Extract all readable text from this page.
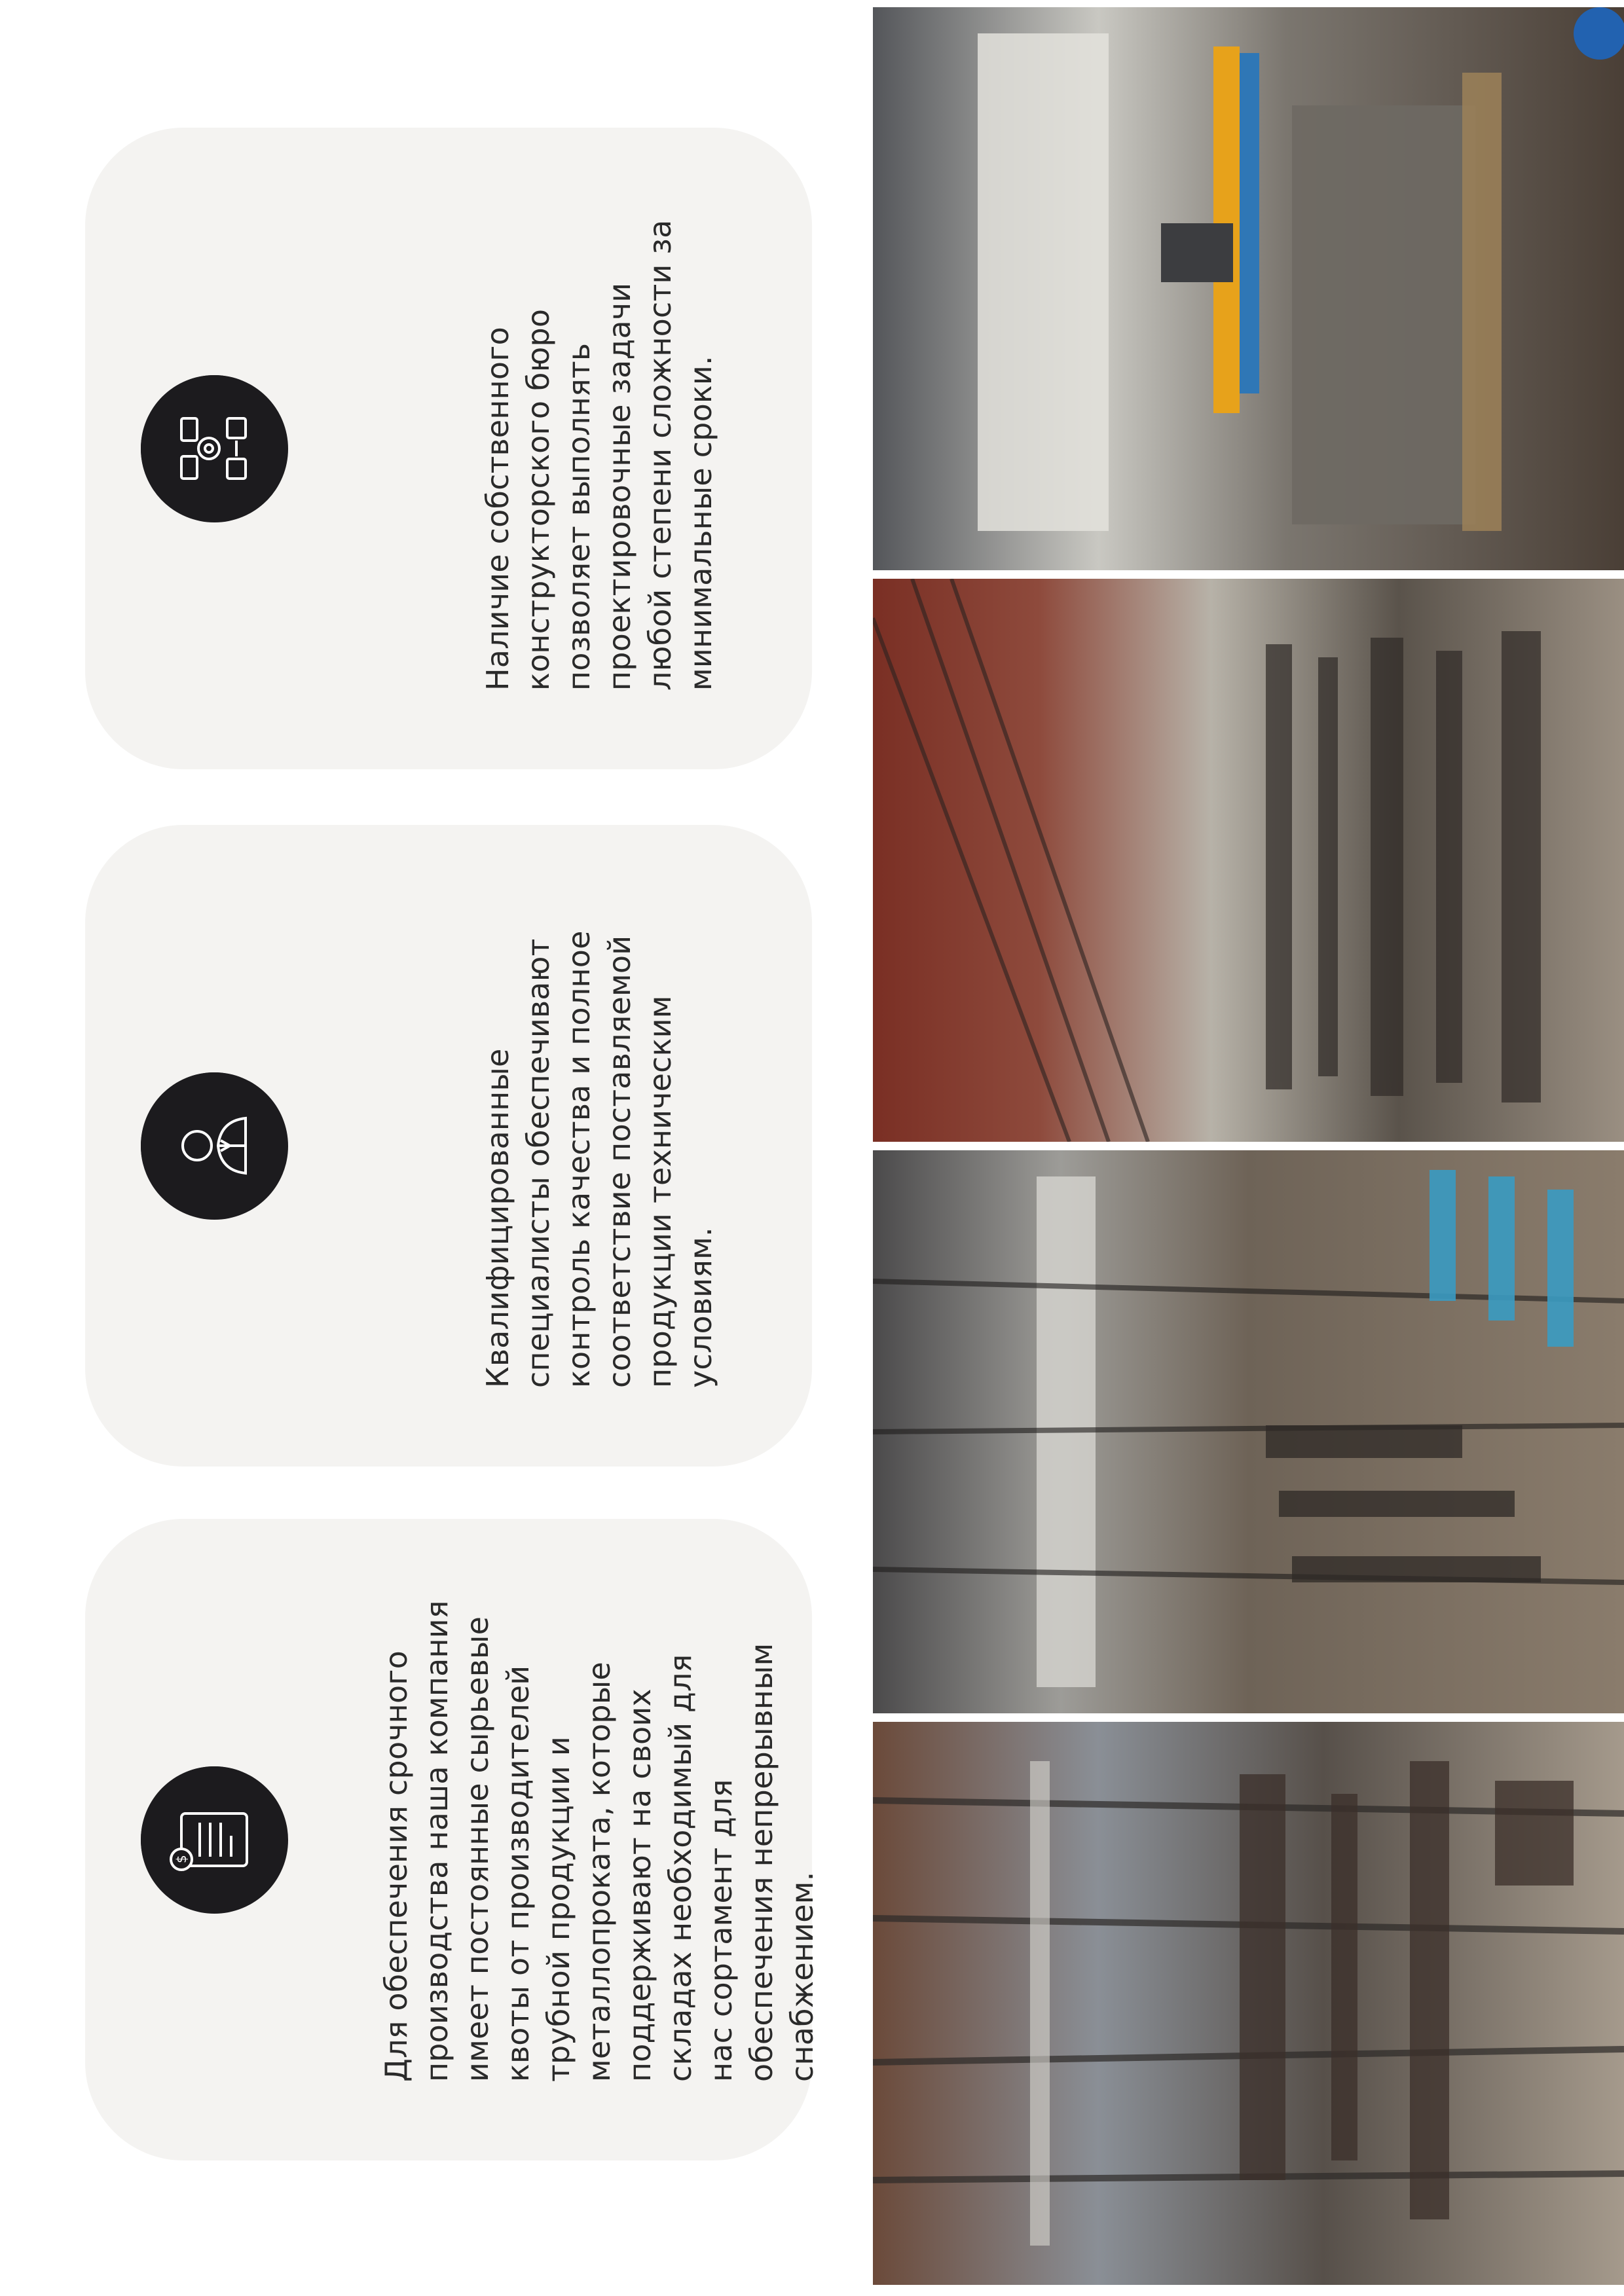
$	Для обеспечения срочного производства наша компания имеет постоянные сырьевые квоты от производителей трубной продукции и металлопроката, которые поддерживают на своих складах необходимый для нас сортамент для обеспечения непрерывным снабжением.

Квалифицированные специалисты обеспечивают контроль качества и полное соответствие поставляемой продукции техническим условиям.

Наличие собственного конструкторского бюро позволяет выполнять проектировочные задачи любой степени сложности за минимальные сроки.
